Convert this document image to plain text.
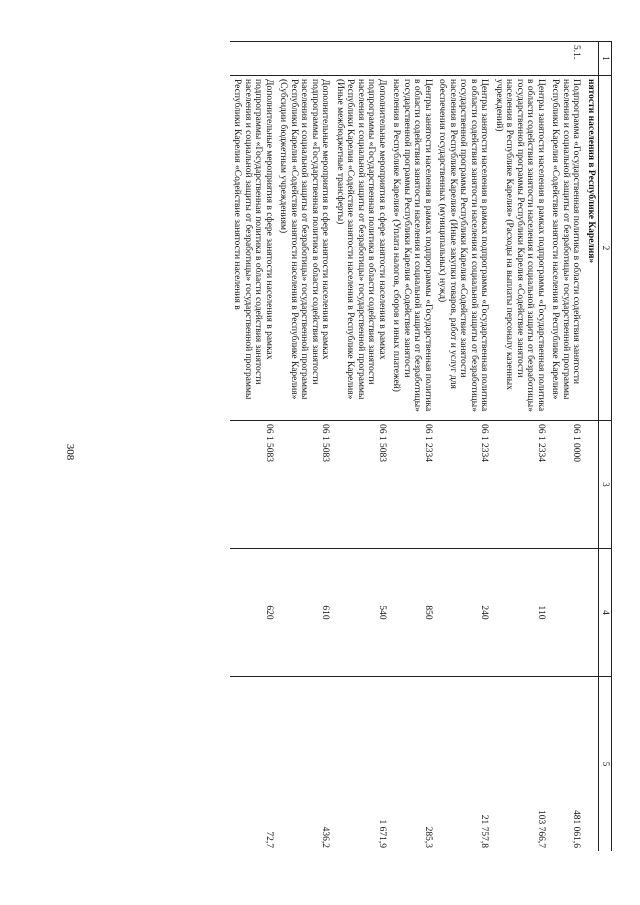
308
1	2	3	4	5
	нятости населения в Республике Карелия»			
5.1.	Подпрограмма «Государственная политика в области содействия занятости населения и социальной защиты от безработицы» государственной программы Республики Карелия «Содействие занятости населения в Республике Карелия»	06 1 0000		481 061,6
	Центры занятости населения в рамках подпрограммы «Государственная политика в области содействия занятости населения и социальной защиты от безработицы» государственной программы Республики Карелия «Содействие занятости населения в Республике Карелия» (Расходы на выплаты персоналу казенных учреждений)	06 1 2334	110	103 766,7
	Центры занятости населения в рамках подпрограммы «Государственная политика в области содействия занятости населения и социальной защиты от безработицы» государственной программы Республики Карелия «Содействие занятости населения в Республике Карелия» (Иные закупки товаров, работ и услуг для обеспечения государственных (муниципальных) нужд)	06 1 2334	240	21 757,8
	Центры занятости населения в рамках подпрограммы «Государственная политика в области содействия занятости населения и социальной защиты от безработицы» государственной программы Республики Карелия «Содействие занятости населения в Республике Карелия» (Уплата налогов, сборов и иных платежей)	06 1 2334	850	285,3
	Дополнительные мероприятия в сфере занятости населения в рамках подпрограммы «Государственная политика в области содействия занятости населения и социальной защиты от безработицы» государственной программы Республики Карелия «Содействие занятости населения в Республике Карелия» (Иные межбюджетные трансферты)	06 1 5083	540	1 671,9
	Дополнительные мероприятия в сфере занятости населения в рамках подпрограммы «Государственная политика в области содействия занятости населения и социальной защиты от безработицы» государственной программы Республики Карелия «Содействие занятости населения в Республике Карелия» (Субсидии бюджетным учреждениям)	06 1 5083	610	436,2
	Дополнительные мероприятия в сфере занятости населения в рамках подпрограммы «Государственная политика в области содействия занятости населения и социальной защиты от безработицы» государственной программы Республики Карелия «Содействие занятости населения в	06 1 5083	620	72,7
